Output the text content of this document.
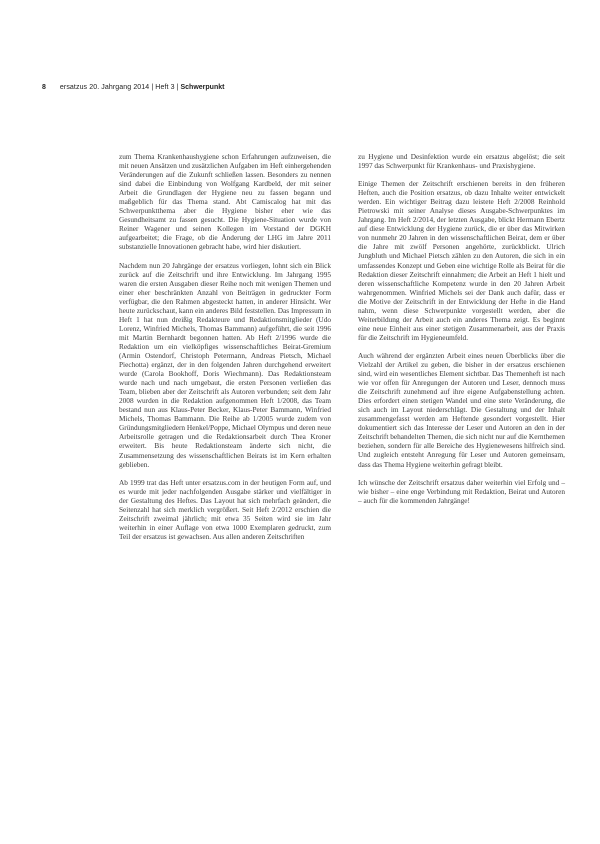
8 ersatzus 20. Jahrgang 2014 | Heft 3 | Schwerpunkt

zum Thema Krankenhaushygiene schon Erfahrungen aufzuweisen, die mit neuen Ansätzen und zusätzlichen Aufgaben im Heft einhergehenden Veränderungen auf die Zukunft schließen lassen. Besonders zu nennen sind dabei die Einbindung von Wolfgang Kardbeld, der mit seiner Arbeit die Grundlagen der Hygiene neu zu fassen begann und maßgeblich für das Thema stand. Abt Camiscalog hat mit das Schwerpunktthema aber die Hygiene bisher eher wie das Gesundheitsamt zu fassen gesucht. Die Hygiene-Situation wurde von Reiner Wagener und seinen Kollegen im Vorstand der DGKH aufgearbeitet; die Frage, ob die Änderung der LHG im Jahre 2011 substanzielle Innovationen gebracht habe, wird hier diskutiert.

Nachdem nun 20 Jahrgänge der ersatzus vorliegen, lohnt sich ein Blick zurück auf die Zeitschrift und ihre Entwicklung. Im Jahrgang 1995 waren die ersten Ausgaben dieser Reihe noch mit wenigen Themen und einer eher beschränkten Anzahl von Beiträgen in gedruckter Form verfügbar, die den Rahmen abgesteckt hatten, in anderer Hinsicht. Wer heute zurückschaut, kann ein anderes Bild feststellen. Das Impressum in Heft 1 hat nun dreißig Redakteure und Redaktionsmitglieder (Udo Lorenz, Winfried Michels, Thomas Bammann) aufgeführt, die seit 1996 mit Martin Bernhardt begonnen hatten. Ab Heft 2/1996 wurde die Redaktion um ein vielköpfiges wissenschaftliches Beirat-Gremium (Armin Ostendorf, Christoph Petermann, Andreas Pietsch, Michael Piechotta) ergänzt, der in den folgenden Jahren durchgehend erweitert wurde (Carola Bookhoff, Doris Wiechmann). Das Redaktionsteam wurde nach und nach umgebaut, die ersten Personen verließen das Team, blieben aber der Zeitschrift als Autoren verbunden; seit dem Jahr 2008 wurden in die Redaktion aufgenommen Heft 1/2008, das Team bestand nun aus Klaus-Peter Becker, Klaus-Peter Bammann, Winfried Michels, Thomas Bammann. Die Reihe ab 1/2005 wurde zudem von Gründungsmitgliedern Henkel/Poppe, Michael Olympus und deren neue Arbeitsrolle getragen und die Redaktionsarbeit durch Thea Kroner erweitert. Bis heute Redaktionsteam änderte sich nicht, die Zusammensetzung des wissenschaftlichen Beirats ist im Kern erhalten geblieben.

Ab 1999 trat das Heft unter ersatzus.com in der heutigen Form auf, und es wurde mit jeder nachfolgenden Ausgabe stärker und vielfältiger in der Gestaltung des Heftes. Das Layout hat sich mehrfach geändert, die Seitenzahl hat sich merklich vergrößert. Seit Heft 2/2012 erschien die Zeitschrift zweimal jährlich; mit etwa 35 Seiten wird sie im Jahr weiterhin in einer Auflage von etwa 1000 Exemplaren gedruckt, zum Teil der ersatzus ist gewachsen. Aus allen anderen Zeitschriften

zu Hygiene und Desinfektion wurde ein ersatzus abgelöst; die seit 1997 das Schwerpunkt für Krankenhaus- und Praxishygiene.

Einige Themen der Zeitschrift erschienen bereits in den früheren Heften, auch die Position ersatzus, ob dazu Inhalte weiter entwickelt werden. Ein wichtiger Beitrag dazu leistete Heft 2/2008 Reinhold Pietrowski mit seiner Analyse dieses Ausgabe-Schwerpunktes im Jahrgang. Im Heft 2/2014, der letzten Ausgabe, blickt Hermann Ebertz auf diese Entwicklung der Hygiene zurück, die er über das Mitwirken von nunmehr 20 Jahren in den wissenschaftlichen Beirat, dem er über die Jahre mit zwölf Personen angehörte, zurückblickt. Ulrich Jungbluth und Michael Pietsch zählen zu den Autoren, die sich in ein umfassendes Konzept und Geben eine wichtige Rolle als Beirat für die Redaktion dieser Zeitschrift einnahmen; die Arbeit an Heft 1 hielt und deren wissenschaftliche Kompetenz wurde in den 20 Jahren Arbeit wahrgenommen. Winfried Michels sei der Dank auch dafür, dass er die Motive der Zeitschrift in der Entwicklung der Hefte in die Hand nahm, wenn diese Schwerpunkte vorgestellt werden, aber die Weiterbildung der Arbeit auch ein anderes Thema zeigt. Es beginnt eine neue Einheit aus einer stetigen Zusammenarbeit, aus der Praxis für die Zeitschrift im Hygieneumfeld.

Auch während der ergänzten Arbeit eines neuen Überblicks über die Vielzahl der Artikel zu geben, die bisher in der ersatzus erschienen sind, wird ein wesentliches Element sichtbar. Das Themenheft ist nach wie vor offen für Anregungen der Autoren und Leser, dennoch muss die Zeitschrift zunehmend auf ihre eigene Aufgabenstellung achten. Dies erfordert einen stetigen Wandel und eine stete Veränderung, die sich auch im Layout niederschlägt. Die Gestaltung und der Inhalt zusammengefasst werden am Heftende gesondert vorgestellt. Hier dokumentiert sich das Interesse der Leser und Autoren an den in der Zeitschrift behandelten Themen, die sich nicht nur auf die Kernthemen beziehen, sondern für alle Bereiche des Hygienewesens hilfreich sind. Und zugleich entsteht Anregung für Leser und Autoren gemeinsam, dass das Thema Hygiene weiterhin gefragt bleibt.

Ich wünsche der Zeitschrift ersatzus daher weiterhin viel Erfolg und – wie bisher – eine enge Verbindung mit Redaktion, Beirat und Autoren – auch für die kommenden Jahrgänge!
